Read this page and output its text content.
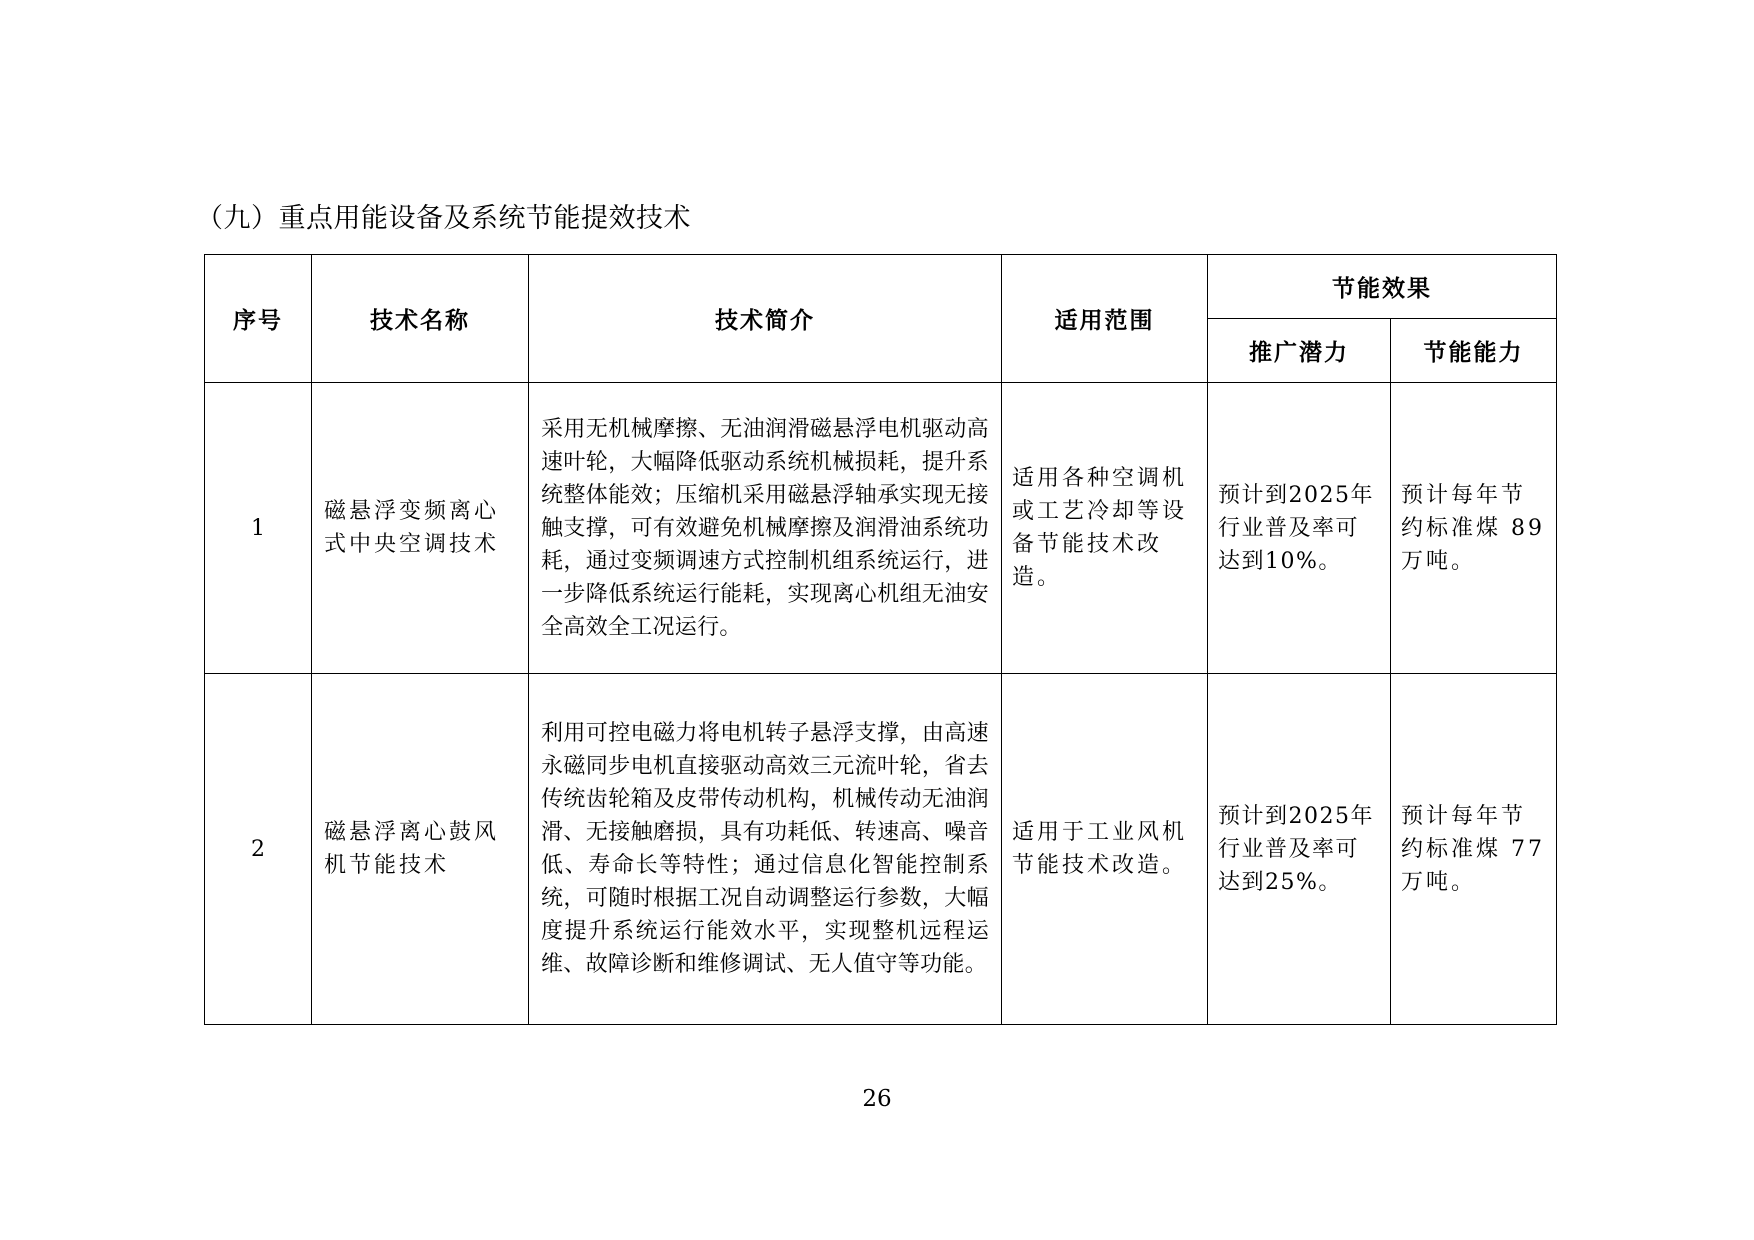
（九）重点用能设备及系统节能提效技术
序号	技术名称	技术简介	适用范围	节能效果	
				推广潜力	节能能力
1	磁悬浮变频离心式中央空调技术	采用无机械摩擦、无油润滑磁悬浮电机驱动高速叶轮，大幅降低驱动系统机械损耗，提升系统整体能效；压缩机采用磁悬浮轴承实现无接触支撑，可有效避免机械摩擦及润滑油系统功耗，通过变频调速方式控制机组系统运行，进一步降低系统运行能耗，实现离心机组无油安全高效全工况运行。	适用各种空调机或工艺冷却等设备节能技术改造。	预计到2025年行业普及率可达到10%。	预计每年节约标准煤 89 万吨。
2	磁悬浮离心鼓风机节能技术	利用可控电磁力将电机转子悬浮支撑，由高速永磁同步电机直接驱动高效三元流叶轮，省去传统齿轮箱及皮带传动机构，机械传动无油润滑、无接触磨损，具有功耗低、转速高、噪音低、寿命长等特性；通过信息化智能控制系统，可随时根据工况自动调整运行参数，大幅度提升系统运行能效水平，实现整机远程运维、故障诊断和维修调试、无人值守等功能。	适用于工业风机节能技术改造。	预计到2025年行业普及率可达到25%。	预计每年节约标准煤 77 万吨。
26
